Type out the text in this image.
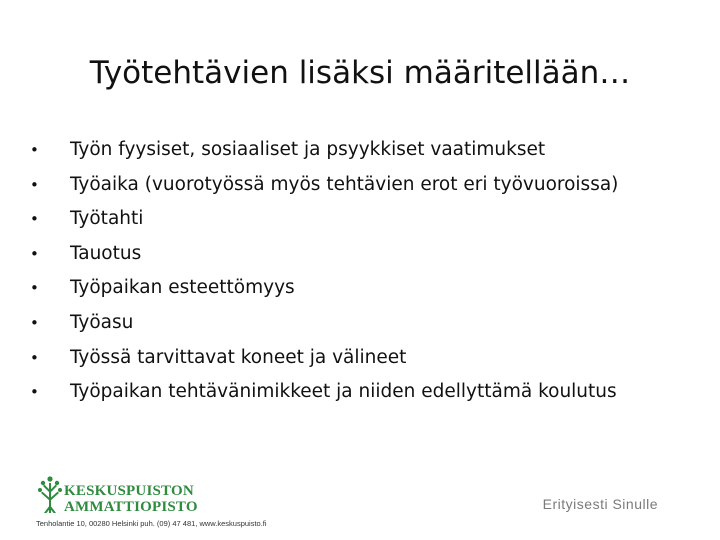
Työtehtävien lisäksi määritellään…
•	Työn fyysiset, sosiaaliset ja psyykkiset vaatimukset
•	Työaika (vuorotyössä myös tehtävien erot eri työvuoroissa)
•	Työtahti
•	Tauotus
•	Työpaikan esteettömyys
•	Työasu
•	Työssä tarvittavat koneet ja välineet
•	Työpaikan tehtävänimikkeet ja niiden edellyttämä koulutus
KESKUSPUISTON
AMMATTIOPISTO
Tenholantie 10, 00280 Helsinki puh. (09) 47 481, www.keskuspuisto.fi
Erityisesti Sinulle
